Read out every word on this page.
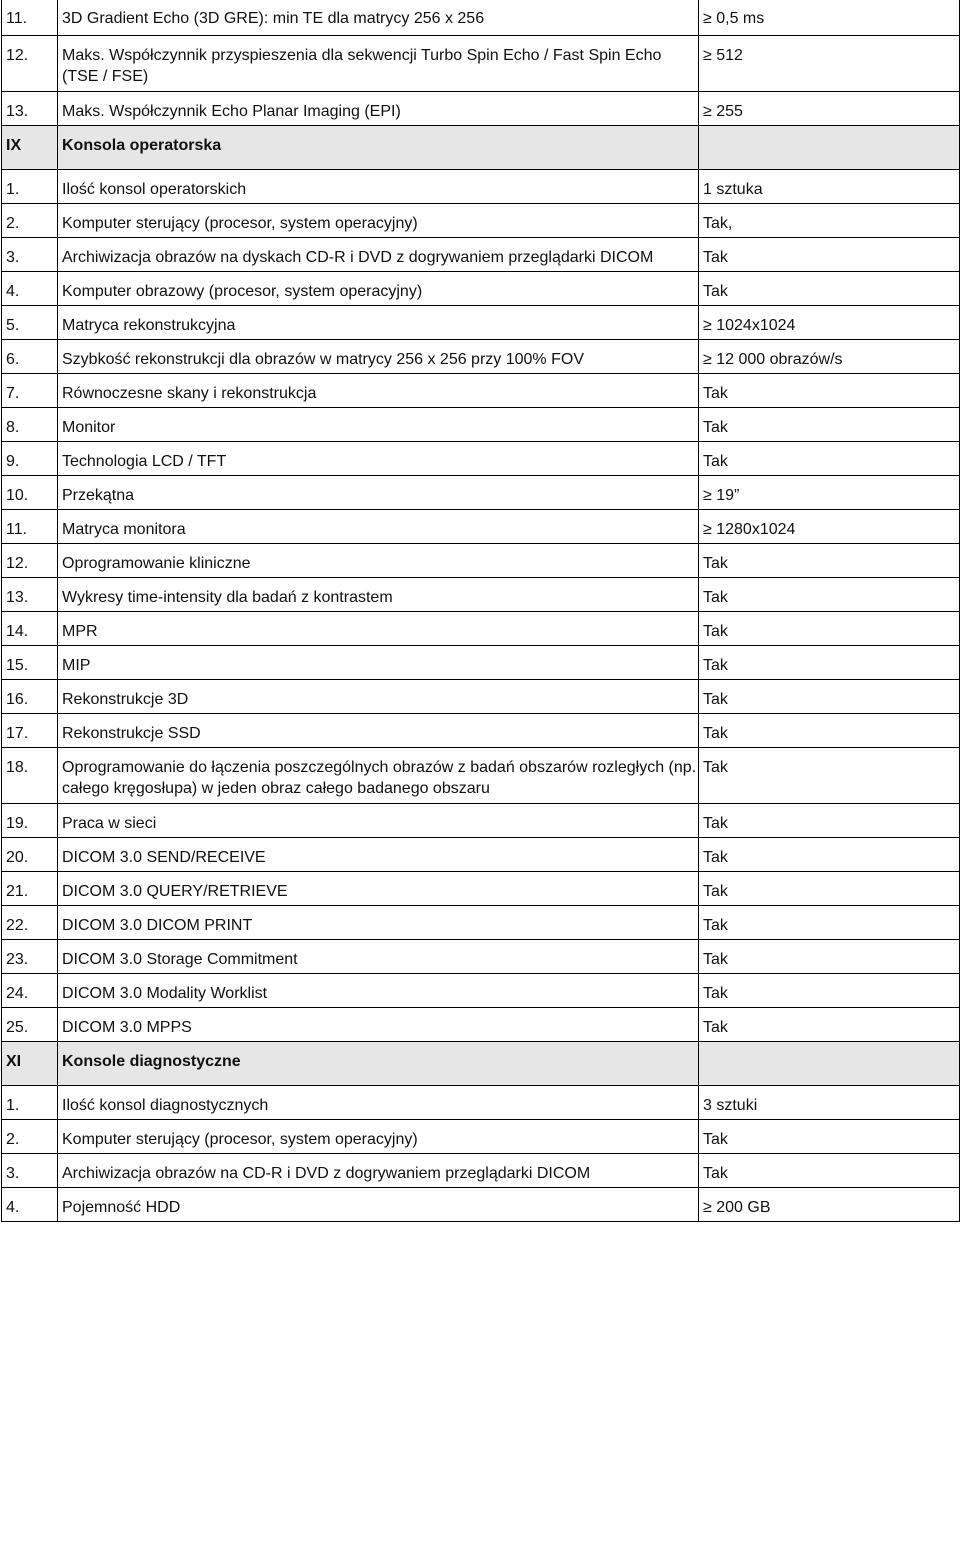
11.	3D Gradient Echo (3D GRE): min TE dla matrycy 256 x 256	≥ 0,5 ms
12.	Maks. Współczynnik przyspieszenia dla sekwencji Turbo Spin Echo / Fast Spin Echo (TSE / FSE)	≥ 512
13.	Maks. Współczynnik Echo Planar Imaging (EPI)	≥ 255
IX	Konsola operatorska	
1.	Ilość konsol operatorskich	1 sztuka
2.	Komputer sterujący (procesor, system operacyjny)	Tak,
3.	Archiwizacja obrazów na dyskach CD-R i DVD z dogrywaniem przeglądarki DICOM	Tak
4.	Komputer obrazowy (procesor, system operacyjny)	Tak
5.	Matryca rekonstrukcyjna	≥ 1024x1024
6.	Szybkość rekonstrukcji dla obrazów w matrycy 256 x 256 przy 100% FOV	≥ 12 000 obrazów/s
7.	Równoczesne skany i rekonstrukcja	Tak
8.	Monitor	Tak
9.	Technologia LCD / TFT	Tak
10.	Przekątna	≥ 19”
11.	Matryca monitora	≥ 1280x1024
12.	Oprogramowanie kliniczne	Tak
13.	Wykresy time-intensity dla badań z kontrastem	Tak
14.	MPR	Tak
15.	MIP	Tak
16.	Rekonstrukcje 3D	Tak
17.	Rekonstrukcje SSD	Tak
18.	Oprogramowanie do łączenia poszczególnych obrazów z badań obszarów rozległych (np. całego kręgosłupa) w jeden obraz całego badanego obszaru	Tak
19.	Praca w sieci	Tak
20.	DICOM 3.0 SEND/RECEIVE	Tak
21.	DICOM 3.0 QUERY/RETRIEVE	Tak
22.	DICOM 3.0 DICOM PRINT	Tak
23.	DICOM 3.0 Storage Commitment	Tak
24.	DICOM 3.0 Modality Worklist	Tak
25.	DICOM 3.0 MPPS	Tak
XI	Konsole diagnostyczne	
1.	Ilość konsol diagnostycznych	3 sztuki
2.	Komputer sterujący (procesor, system operacyjny)	Tak
3.	Archiwizacja obrazów na CD-R i DVD z dogrywaniem przeglądarki DICOM	Tak
4.	Pojemność HDD	≥ 200 GB
